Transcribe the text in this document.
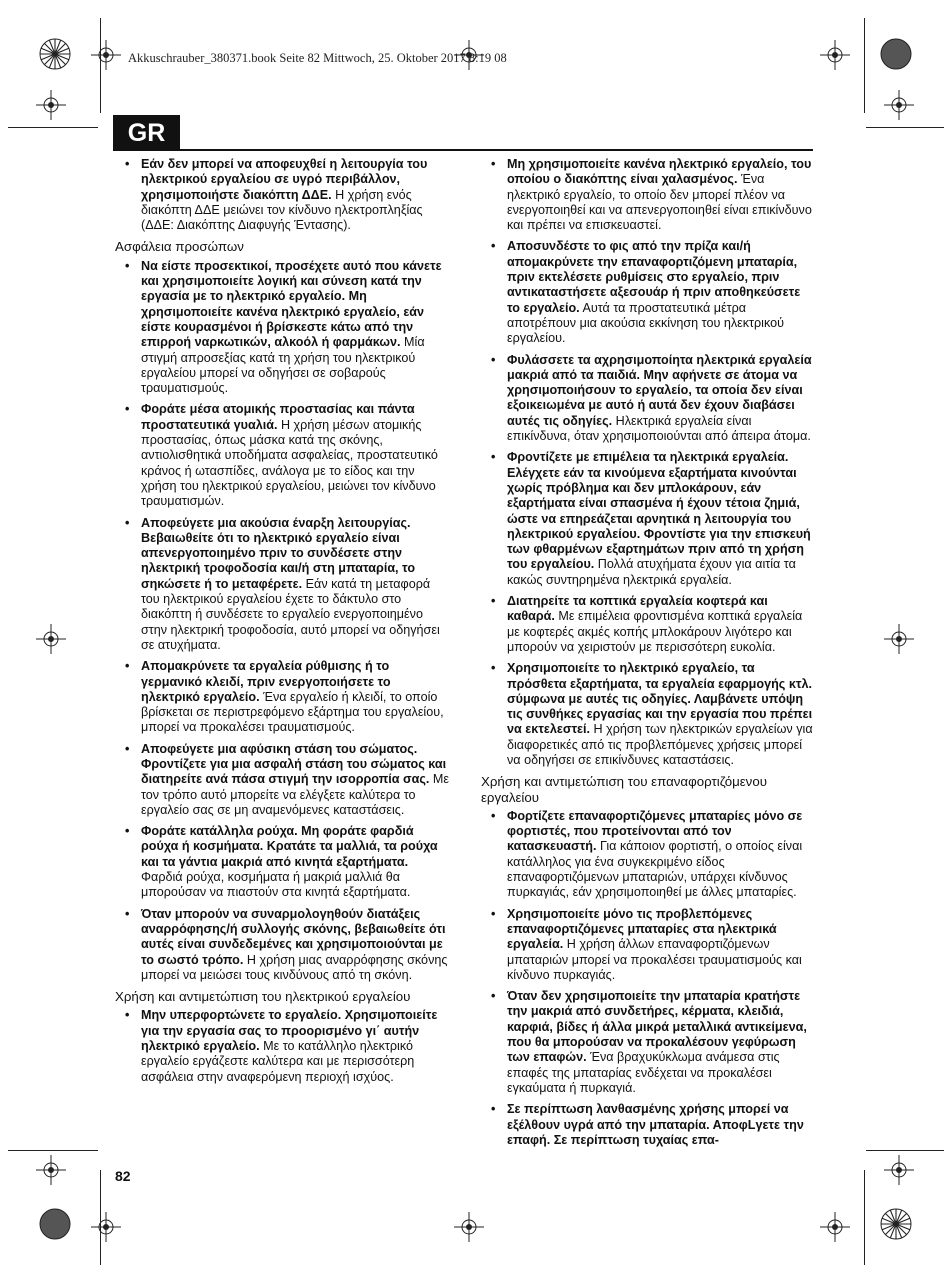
Akkuschrauber_380371.book Seite 82 Mittwoch, 25. Oktober 2017 8:19 08
GR
• Εάν δεν μπορεί να αποφευχθεί η λειτουργία του ηλεκτρικού εργαλείου σε υγρό περιβάλλον, χρησιμοποιήστε διακόπτη ΔΔΕ. Η χρήση ενός διακόπτη ΔΔΕ μειώνει τον κίνδυνο ηλεκτροπληξίας (ΔΔΕ: Διακόπτης Διαφυγής Έντασης).
Ασφάλεια προσώπων
• Να είστε προσεκτικοί, προσέχετε αυτό που κάνετε και χρησιμοποιείτε λογική και σύνεση κατά την εργασία με το ηλεκτρικό εργαλείο. Μη χρησιμοποιείτε κανένα ηλεκτρικό εργαλείο, εάν είστε κουρασμένοι ή βρίσκεστε κάτω από την επιρροή ναρκωτικών, αλκοόλ ή φαρμάκων. Μία στιγμή απροσεξίας κατά τη χρήση του ηλεκτρικού εργαλείου μπορεί να οδηγήσει σε σοβαρούς τραυματισμούς.
• Φοράτε μέσα ατομικής προστασίας και πάντα προστατευτικά γυαλιά. Η χρήση μέσων ατομικής προστασίας, όπως μάσκα κατά της σκόνης, αντιολισθητικά υποδήματα ασφαλείας, προστατευτικό κράνος ή ωτασπίδες, ανάλογα με το είδος και την χρήση του ηλεκτρικού εργαλείου, μειώνει τον κίνδυνο τραυματισμών.
• Αποφεύγετε μια ακούσια έναρξη λειτουργίας. Βεβαιωθείτε ότι το ηλεκτρικό εργαλείο είναι απενεργοποιημένο πριν το συνδέσετε στην ηλεκτρική τροφοδοσία και/ή στη μπαταρία, το σηκώσετε ή το μεταφέρετε. Εάν κατά τη μεταφορά του ηλεκτρικού εργαλείου έχετε το δάκτυλο στο διακόπτη ή συνδέσετε το εργαλείο ενεργοποιημένο στην ηλεκτρική τροφοδοσία, αυτό μπορεί να οδηγήσει σε ατυχήματα.
• Απομακρύνετε τα εργαλεία ρύθμισης ή το γερμανικό κλειδί, πριν ενεργοποιήσετε το ηλεκτρικό εργαλείο. Ένα εργαλείο ή κλειδί, το οποίο βρίσκεται σε περιστρεφόμενο εξάρτημα του εργαλείου, μπορεί να προκαλέσει τραυματισμούς.
• Αποφεύγετε μια αφύσικη στάση του σώματος. Φροντίζετε για μια ασφαλή στάση του σώματος και διατηρείτε ανά πάσα στιγμή την ισορροπία σας. Με τον τρόπο αυτό μπορείτε να ελέγξετε καλύτερα το εργαλείο σας σε μη αναμενόμενες καταστάσεις.
• Φοράτε κατάλληλα ρούχα. Μη φοράτε φαρδιά ρούχα ή κοσμήματα. Κρατάτε τα μαλλιά, τα ρούχα και τα γάντια μακριά από κινητά εξαρτήματα. Φαρδιά ρούχα, κοσμήματα ή μακριά μαλλιά θα μπορούσαν να πιαστούν στα κινητά εξαρτήματα.
• Όταν μπορούν να συναρμολογηθούν διατάξεις αναρρόφησης/ή συλλογής σκόνης, βεβαιωθείτε ότι αυτές είναι συνδεδεμένες και χρησιμοποιούνται με το σωστό τρόπο. Η χρήση μιας αναρρόφησης σκόνης μπορεί να μειώσει τους κινδύνους από τη σκόνη.
Χρήση και αντιμετώπιση του ηλεκτρικού εργαλείου
• Μην υπερφορτώνετε το εργαλείο. Χρησιμοποιείτε για την εργασία σας το προορισμένο γι΄ αυτήν ηλεκτρικό εργαλείο. Με το κατάλληλο ηλεκτρικό εργαλείο εργάζεστε καλύτερα και με περισσότερη ασφάλεια στην αναφερόμενη περιοχή ισχύος.
• Μη χρησιμοποιείτε κανένα ηλεκτρικό εργαλείο, του οποίου ο διακόπτης είναι χαλασμένος. Ένα ηλεκτρικό εργαλείο, το οποίο δεν μπορεί πλέον να ενεργοποιηθεί και να απενεργοποιηθεί είναι επικίνδυνο και πρέπει να επισκευαστεί.
• Αποσυνδέστε το φις από την πρίζα και/ή απομακρύνετε την επαναφορτιζόμενη μπαταρία, πριν εκτελέσετε ρυθμίσεις στο εργαλείο, πριν αντικαταστήσετε αξεσουάρ ή πριν αποθηκεύσετε το εργαλείο. Αυτά τα προστατευτικά μέτρα αποτρέπουν μια ακούσια εκκίνηση του ηλεκτρικού εργαλείου.
• Φυλάσσετε τα αχρησιμοποίητα ηλεκτρικά εργαλεία μακριά από τα παιδιά. Μην αφήνετε σε άτομα να χρησιμοποιήσουν το εργαλείο, τα οποία δεν είναι εξοικειωμένα με αυτό ή αυτά δεν έχουν διαβάσει αυτές τις οδηγίες. Ηλεκτρικά εργαλεία είναι επικίνδυνα, όταν χρησιμοποιούνται από άπειρα άτομα.
• Φροντίζετε με επιμέλεια τα ηλεκτρικά εργαλεία. Ελέγχετε εάν τα κινούμενα εξαρτήματα κινούνται χωρίς πρόβλημα και δεν μπλοκάρουν, εάν εξαρτήματα είναι σπασμένα ή έχουν τέτοια ζημιά, ώστε να επηρεάζεται αρνητικά η λειτουργία του ηλεκτρικού εργαλείου. Φροντίστε για την επισκευή των φθαρμένων εξαρτημάτων πριν από τη χρήση του εργαλείου. Πολλά ατυχήματα έχουν για αιτία τα κακώς συντηρημένα ηλεκτρικά εργαλεία.
• Διατηρείτε τα κοπτικά εργαλεία κοφτερά και καθαρά. Με επιμέλεια φροντισμένα κοπτικά εργαλεία με κοφτερές ακμές κοπής μπλοκάρουν λιγότερο και μπορούν να χειριστούν με περισσότερη ευκολία.
• Χρησιμοποιείτε το ηλεκτρικό εργαλείο, τα πρόσθετα εξαρτήματα, τα εργαλεία εφαρμογής κτλ. σύμφωνα με αυτές τις οδηγίες. Λαμβάνετε υπόψη τις συνθήκες εργασίας και την εργασία που πρέπει να εκτελεστεί. Η χρήση των ηλεκτρικών εργαλείων για διαφορετικές από τις προβλεπόμενες χρήσεις μπορεί να οδηγήσει σε επικίνδυνες καταστάσεις.
Χρήση και αντιμετώπιση του επαναφορτιζόμενου εργαλείου
• Φορτίζετε επαναφορτιζόμενες μπαταρίες μόνο σε φορτιστές, που προτείνονται από τον κατασκευαστή. Για κάποιον φορτιστή, ο οποίος είναι κατάλληλος για ένα συγκεκριμένο είδος επαναφορτιζόμενων μπαταριών, υπάρχει κίνδυνος πυρκαγιάς, εάν χρησιμοποιηθεί με άλλες μπαταρίες.
• Χρησιμοποιείτε μόνο τις προβλεπόμενες επαναφορτιζόμενες μπαταρίες στα ηλεκτρικά εργαλεία. Η χρήση άλλων επαναφορτιζόμενων μπαταριών μπορεί να προκαλέσει τραυματισμούς και κίνδυνο πυρκαγιάς.
• Όταν δεν χρησιμοποιείτε την μπαταρία κρατήστε την μακριά από συνδετήρες, κέρματα, κλειδιά, καρφιά, βίδες ή άλλα μικρά μεταλλικά αντικείμενα, που θα μπορούσαν να προκαλέσουν γεφύρωση των επαφών. Ένα βραχυκύκλωμα ανάμεσα στις επαφές της μπαταρίας ενδέχεται να προκαλέσει εγκαύματα ή πυρκαγιά.
• Σε περίπτωση λανθασμένης χρήσης μπορεί να εξέλθουν υγρά από την μπαταρία. ΑποφLγετε την επαφή. Σε περίπτωση τυχαίας επα-
82
